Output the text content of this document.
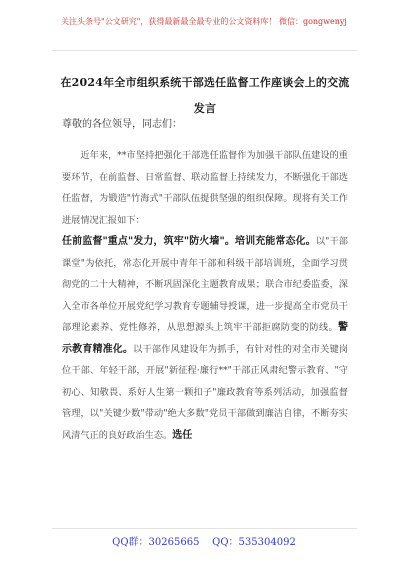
关注头条号"公文研究"，获得最新最全最专业的公文资料库！ 微信：gongwenyj
在2024年全市组织系统干部选任监督工作座谈会上的交流发言
尊敬的各位领导，同志们：

近年来，**市坚持把强化干部选任监督作为加强干部队伍建设的重要环节，在前监督、日常监督、联动监督上持续发力，不断强化干部选任监督，为锻造"竹海式"干部队伍提供坚强的组织保障。现将有关工作进展情况汇报如下：
任前监督"重点"发力，筑牢"防火墙"。培训充能常态化。以"干部课堂"为依托，常态化开展中青年干部和科级干部培训班，全面学习贯彻党的二十大精神，不断巩固深化主题教育成果；联合市纪委监委，深入全市各单位开展党纪学习教育专题辅导授课，进一步提高全市党员干部理论素养、党性修养，从思想源头上筑牢干部拒腐防变的防线。警示教育精准化。以干部作风建设年为抓手，有针对性的对全市关键岗位干部、年轻干部，开展"新征程·廉行**"干部正风肃纪警示教育、"守初心、知敬畏、系好人生第一颗扣子"廉政教育等系列活动，加强监督管理，以"关键少数"带动"绝大多数"党员干部做到廉洁自律，不断夯实风清气正的良好政治生态。选任

QQ群：30265665    QQ：535304092
